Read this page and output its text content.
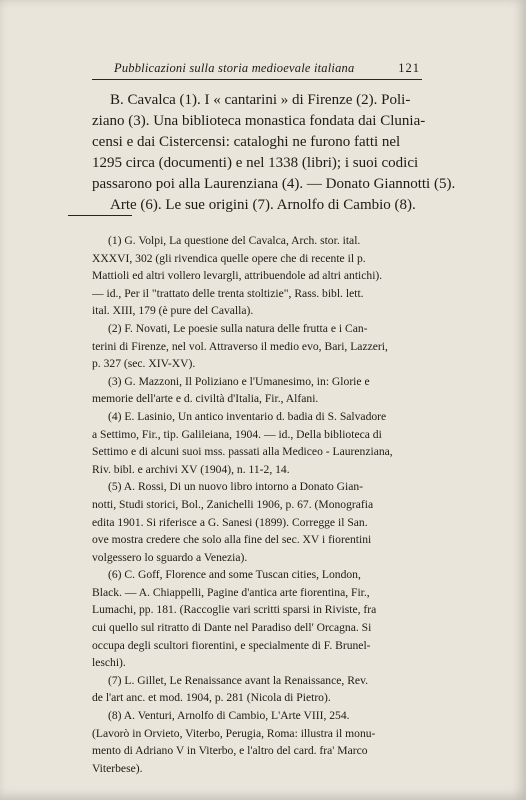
Pubblicazioni sulla storia medioevale italiana	121
B. Cavalca (1). I « cantarini » di Firenze (2). Poli-
ziano (3). Una biblioteca monastica fondata dai Clunia-
censi e dai Cistercensi: cataloghi ne furono fatti nel
1295 circa (documenti) e nel 1338 (libri); i suoi codici
passarono poi alla Laurenziana (4). — Donato Giannotti (5).
Arte (6). Le sue origini (7). Arnolfo di Cambio (8).
(1) G. Volpi, La questione del Cavalca, Arch. stor. ital.
XXXVI, 302 (gli rivendica quelle opere che di recente il p.
Mattioli ed altri vollero levargli, attribuendole ad altri antichi).
— id., Per il "trattato delle trenta stoltizie", Rass. bibl. lett.
ital. XIII, 179 (è pure del Cavalla).
(2) F. Novati, Le poesie sulla natura delle frutta e i Can-
terini di Firenze, nel vol. Attraverso il medio evo, Bari, Lazzeri,
p. 327 (sec. XIV-XV).
(3) G. Mazzoni, Il Poliziano e l'Umanesimo, in: Glorie e
memorie dell'arte e d. civiltà d'Italia, Fir., Alfani.
(4) E. Lasinio, Un antico inventario d. badia di S. Salvadore
a Settimo, Fir., tip. Galileiana, 1904. — id., Della biblioteca di
Settimo e di alcuni suoi mss. passati alla Mediceo - Laurenziana,
Riv. bibl. e archivi XV (1904), n. 11-2, 14.
(5) A. Rossi, Di un nuovo libro intorno a Donato Gian-
notti, Studi storici, Bol., Zanichelli 1906, p. 67. (Monografia
edita 1901. Si riferisce a G. Sanesi (1899). Corregge il San.
ove mostra credere che solo alla fine del sec. XV i fiorentini
volgessero lo sguardo a Venezia).
(6) C. Goff, Florence and some Tuscan cities, London,
Black. — A. Chiappelli, Pagine d'antica arte fiorentina, Fir.,
Lumachi, pp. 181. (Raccoglie vari scritti sparsi in Riviste, fra
cui quello sul ritratto di Dante nel Paradiso dell' Orcagna. Si
occupa degli scultori fiorentini, e specialmente di F. Brunel-
leschi).
(7) L. Gillet, Le Renaissance avant la Renaissance, Rev.
de l'art anc. et mod. 1904, p. 281 (Nicola di Pietro).
(8) A. Venturi, Arnolfo di Cambio, L'Arte VIII, 254.
(Lavorò in Orvieto, Viterbo, Perugia, Roma: illustra il monu-
mento di Adriano V in Viterbo, e l'altro del card. fra' Marco
Viterbese).
